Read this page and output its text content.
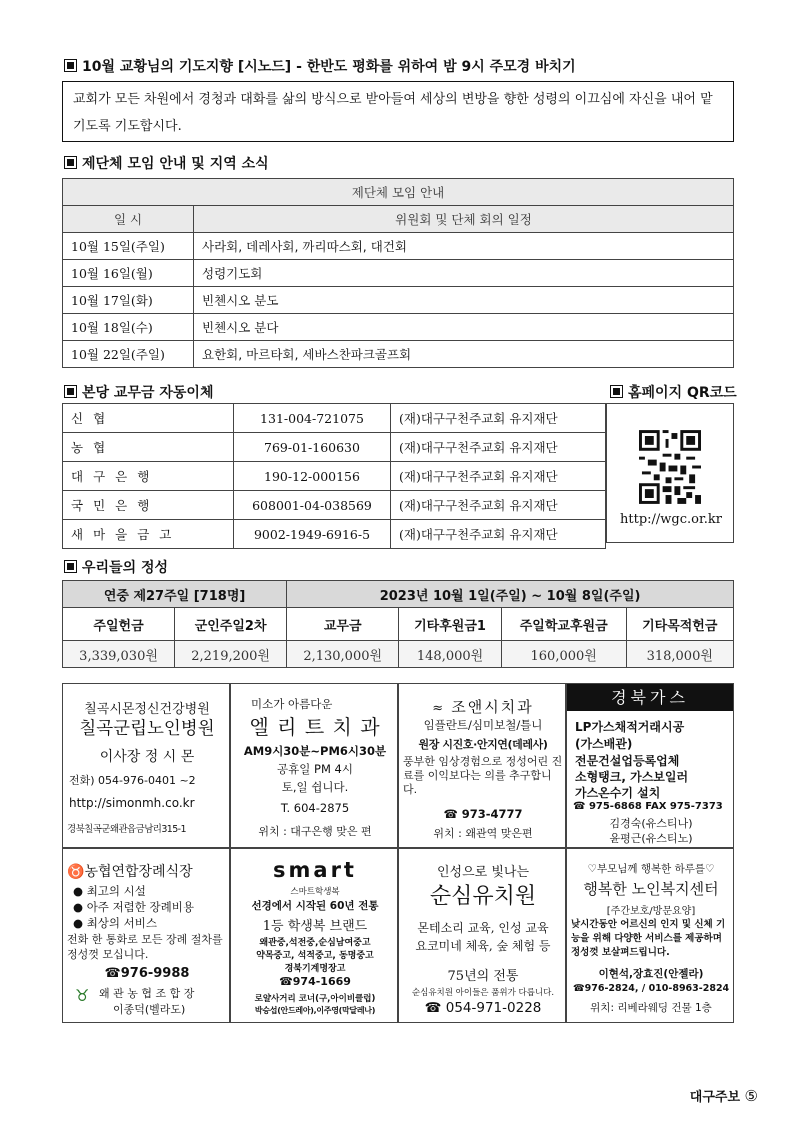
10월 교황님의 기도지향 [시노드] - 한반도 평화를 위하여 밤 9시 주모경 바치기
교회가 모든 차원에서 경청과 대화를 삶의 방식으로 받아들여 세상의 변방을 향한 성령의 이끄심에 자신을 내어 맡기도록 기도합시다.
제단체 모임 안내 및 지역 소식
제단체 모임 안내	
일 시	위원회 및 단체 회의 일정
10월 15일(주일)	사라회, 데레사회, 까리따스회, 대건회
10월 16일(월)	성령기도회
10월 17일(화)	빈첸시오 분도
10월 18일(수)	빈첸시오 분다
10월 22일(주일)	요한회, 마르타회, 세바스찬파크골프회
본당 교무금 자동이체	홈페이지 QR코드
신협	131-004-721075	(재)대구구천주교회 유지재단
농협	769-01-160630	(재)대구구천주교회 유지재단
대구은행	190-12-000156	(재)대구구천주교회 유지재단
국민은행	608001-04-038569	(재)대구구천주교회 유지재단
새마을금고	9002-1949-6916-5	(재)대구구천주교회 유지재단
http://wgc.or.kr
우리들의 정성
연중 제27주일 [718명]		2023년 10월 1일(주일) ~ 10월 8일(주일)			
주일헌금	군인주일2차	교무금	기타후원금1	주일학교후원금	기타목적헌금
3,339,030원	2,219,200원	2,130,000원	148,000원	160,000원	318,000원
칠곡시몬정신건강병원
칠곡군립노인병원
이사장 정 시 몬
전화) 054-976-0401 ~2
http://simonmh.co.kr
경북칠곡군왜관읍금남리315-1
미소가 아름다운
엘 리 트 치 과
AM9시30분~PM6시30분
공휴일 PM 4시
토,일 쉽니다.
T. 604-2875
위치 : 대구은행 맞은 편
≈ 조앤시치과
임플란트/심미보철/틀니
원장 시진호·안지연(데레사)
풍부한 임상경험으로 정성어린 진료를 이익보다는 의를 추구합니다.
☎ 973-4777
위치 : 왜관역 맞은편
경북가스
LP가스채적거래시공
(가스배관)
전문건설업등록업체
소형탱크, 가스보일러
가스온수기 설치
☎ 975-6868 FAX 975-7373
김경숙(유스티나)
윤평근(유스티노)
♉농협연합장례식장
● 최고의 시설
● 아주 저렴한 장례비용
● 최상의 서비스
전화 한 통화로 모든 장례 절차를 정성껏 모십니다.
☎976-9988
♉ 왜 관 농 협 조 합 장
이종덕(벨라도)
smart
스마트학생복
선경에서 시작된 60년 전통
1등 학생복 브랜드
왜관중,석전중,순심남여중고
약목중고, 석적중고, 동명중고
경북기계명장고
☎974-1669
로얄사거리 코너(구,아이비클럽)
박승섭(안드레아),이주영(막달레나)
인성으로 빛나는
순심유치원
몬테소리 교육, 인성 교육
요코미네 체육, 숲 체험 등
75년의 전통
순심유치원 아이들은 품위가 다릅니다.
☎ 054-971-0228
♡부모님께 행복한 하루를♡
행복한 노인복지센터
[주간보호/방문요양]
낮시간동안 어르신의 인지 및 신체 기능을 위해 다양한 서비스를 제공하며 정성껏 보살펴드립니다.
이현석,장효진(안젤라)
☎976-2824, / 010-8963-2824
위치: 리베라웨딩 건물 1층
대구주보 ⑤
